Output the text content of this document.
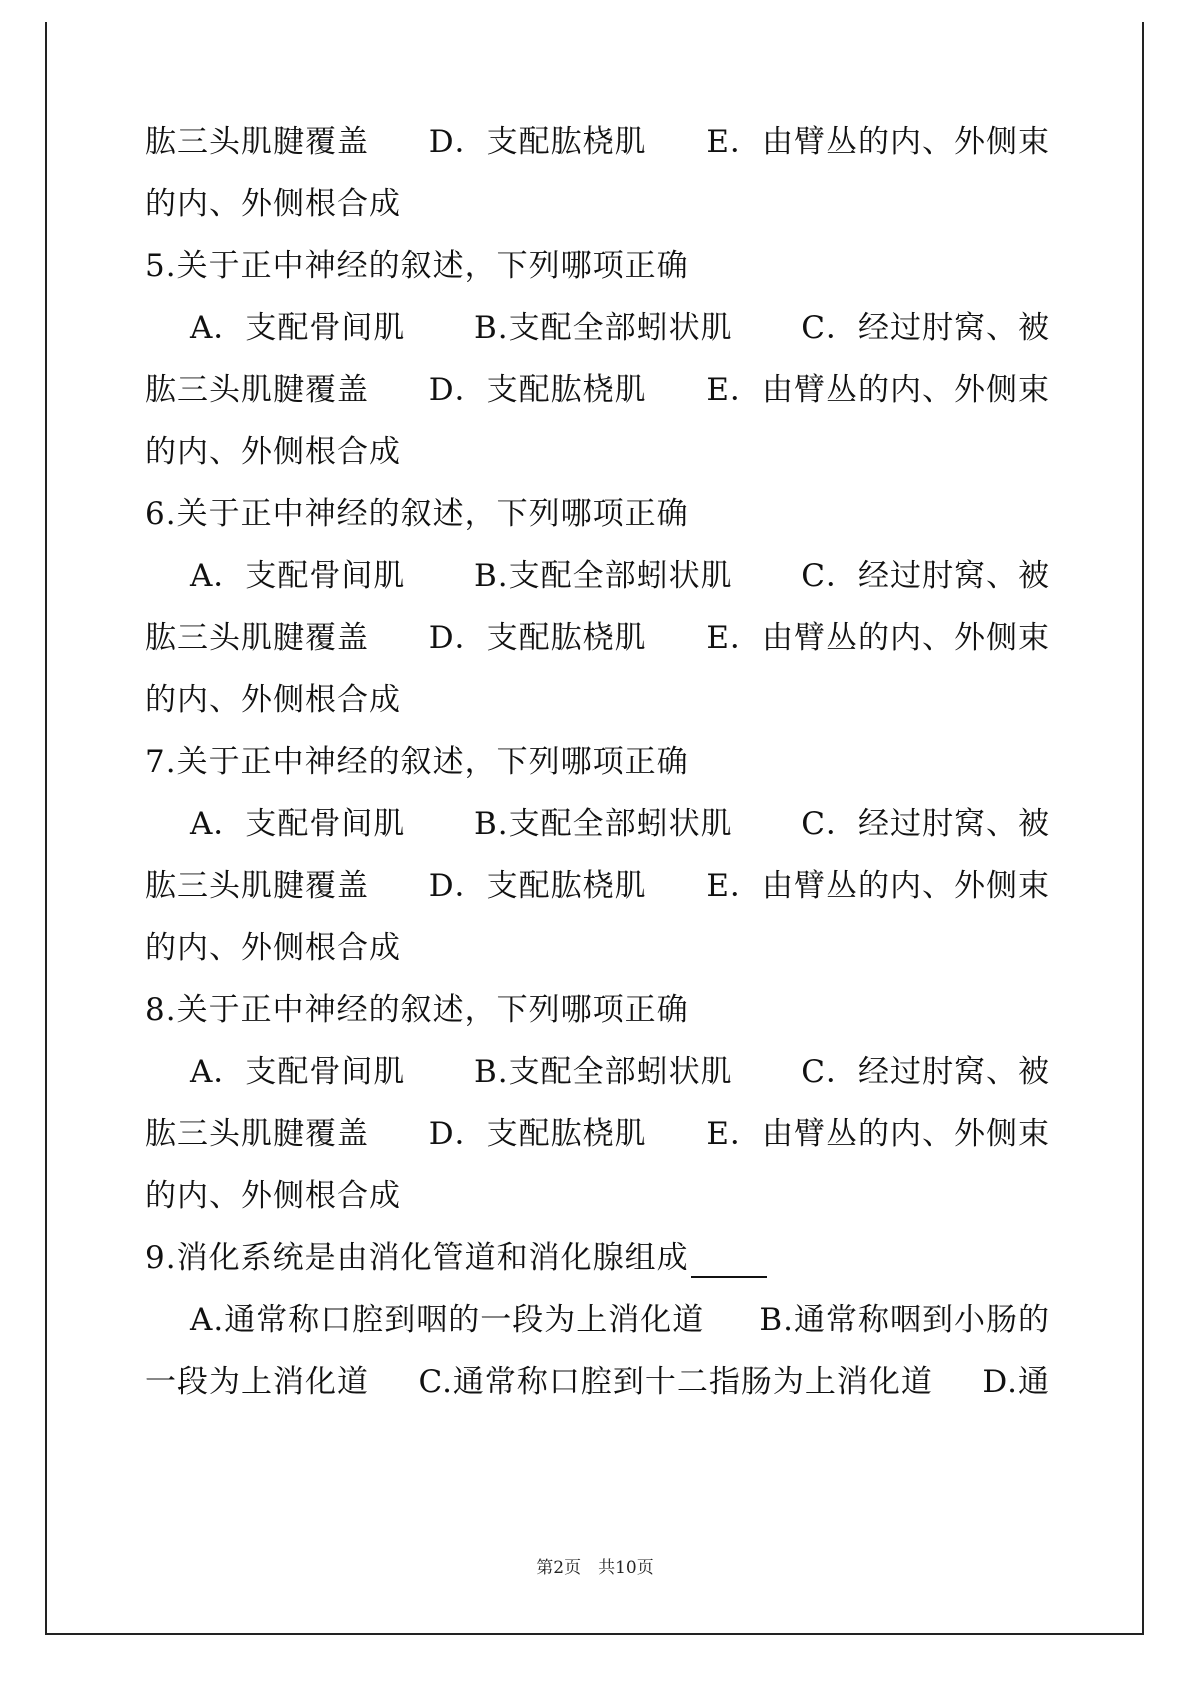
肱三头肌腱覆盖 D．支配肱桡肌 E．由臂丛的内、外侧束
的内、外侧根合成
5.关于正中神经的叙述，下列哪项正确
A．支配骨间肌 B.支配全部蚓状肌 C．经过肘窝、被
肱三头肌腱覆盖 D．支配肱桡肌 E．由臂丛的内、外侧束
的内、外侧根合成
6.关于正中神经的叙述，下列哪项正确
A．支配骨间肌 B.支配全部蚓状肌 C．经过肘窝、被
肱三头肌腱覆盖 D．支配肱桡肌 E．由臂丛的内、外侧束
的内、外侧根合成
7.关于正中神经的叙述，下列哪项正确
A．支配骨间肌 B.支配全部蚓状肌 C．经过肘窝、被
肱三头肌腱覆盖 D．支配肱桡肌 E．由臂丛的内、外侧束
的内、外侧根合成
8.关于正中神经的叙述，下列哪项正确
A．支配骨间肌 B.支配全部蚓状肌 C．经过肘窝、被
肱三头肌腱覆盖 D．支配肱桡肌 E．由臂丛的内、外侧束
的内、外侧根合成
9.消化系统是由消化管道和消化腺组成
A.通常称口腔到咽的一段为上消化道 B.通常称咽到小肠的
一段为上消化道 C.通常称口腔到十二指肠为上消化道 D.通
第2页　共10页
